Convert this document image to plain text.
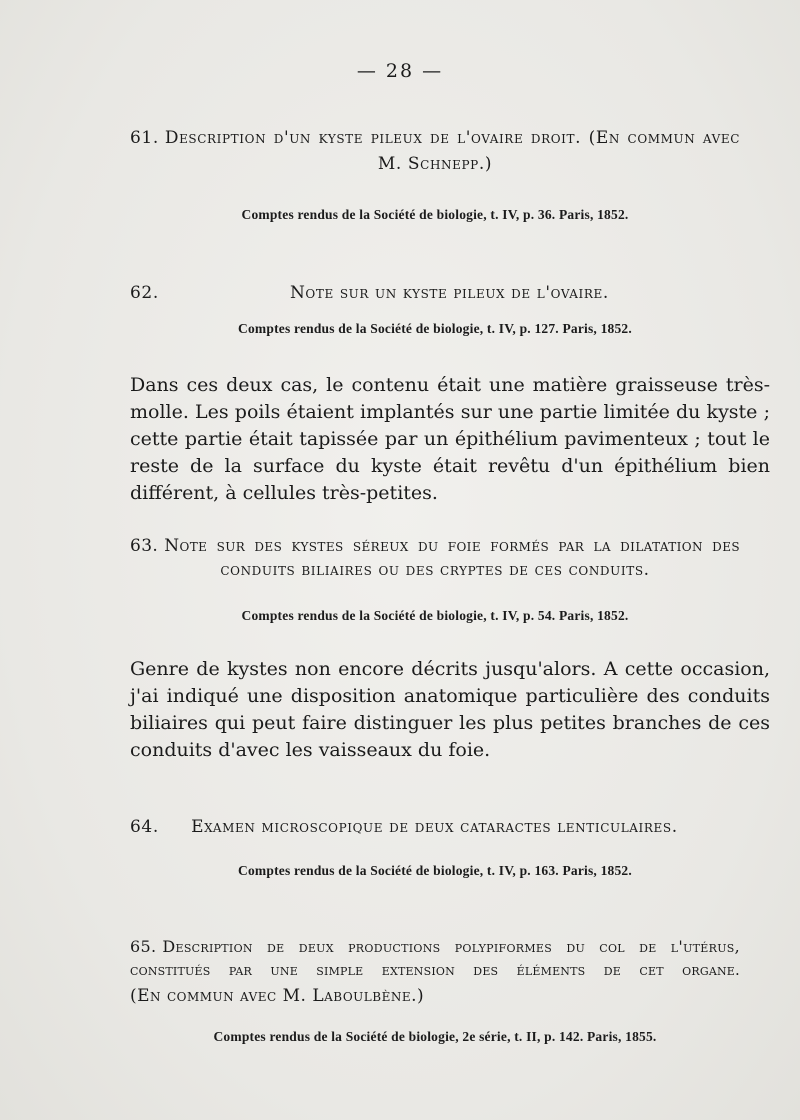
— 28 —
61. Description d'un kyste pileux de l'ovaire droit. (En commun avec
M. Schnepp.)
Comptes rendus de la Société de biologie, t. IV, p. 36. Paris, 1852.
62.	Note sur un kyste pileux de l'ovaire.
Comptes rendus de la Société de biologie, t. IV, p. 127. Paris, 1852.
Dans ces deux cas, le contenu était une matière graisseuse très-molle. Les poils étaient implantés sur une partie limitée du kyste ; cette partie était tapissée par un épithélium pavimenteux ; tout le reste de la surface du kyste était revêtu d'un épithélium bien différent, à cellules très-petites.
63. Note sur des kystes séreux du foie formés par la dilatation des
conduits biliaires ou des cryptes de ces conduits.
Comptes rendus de la Société de biologie, t. IV, p. 54. Paris, 1852.
Genre de kystes non encore décrits jusqu'alors. A cette occasion, j'ai indiqué une disposition anatomique particulière des conduits biliaires qui peut faire distinguer les plus petites branches de ces conduits d'avec les vaisseaux du foie.
64.	Examen microscopique de deux cataractes lenticulaires.
Comptes rendus de la Société de biologie, t. IV, p. 163. Paris, 1852.
65. Description de deux productions polypiformes du col de l'utérus,
constitués par une simple extension des éléments de cet organe.
(En commun avec M. Laboulbène.)
Comptes rendus de la Société de biologie, 2e série, t. II, p. 142. Paris, 1855.
